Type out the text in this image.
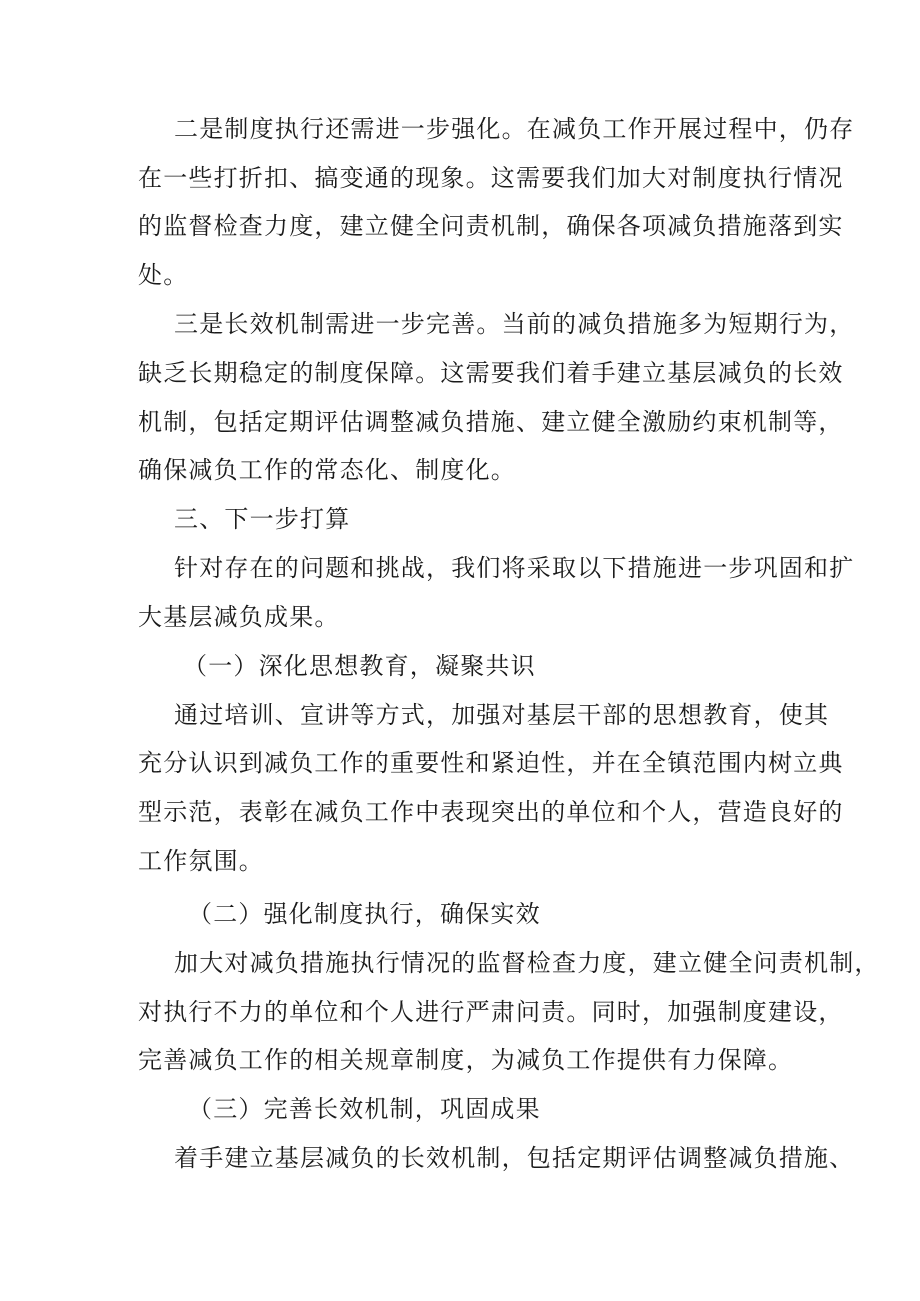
二是制度执行还需进一步强化。在减负工作开展过程中，仍存
在一些打折扣、搞变通的现象。这需要我们加大对制度执行情况
的监督检查力度，建立健全问责机制，确保各项减负措施落到实
处。
三是长效机制需进一步完善。当前的减负措施多为短期行为，
缺乏长期稳定的制度保障。这需要我们着手建立基层减负的长效
机制，包括定期评估调整减负措施、建立健全激励约束机制等，
确保减负工作的常态化、制度化。
三、下一步打算
针对存在的问题和挑战，我们将采取以下措施进一步巩固和扩
大基层减负成果。
（一）深化思想教育，凝聚共识
通过培训、宣讲等方式，加强对基层干部的思想教育，使其
充分认识到减负工作的重要性和紧迫性，并在全镇范围内树立典
型示范，表彰在减负工作中表现突出的单位和个人，营造良好的
工作氛围。
（二）强化制度执行，确保实效
加大对减负措施执行情况的监督检查力度，建立健全问责机制，
对执行不力的单位和个人进行严肃问责。同时，加强制度建设，
完善减负工作的相关规章制度，为减负工作提供有力保障。
（三）完善长效机制，巩固成果
着手建立基层减负的长效机制，包括定期评估调整减负措施、
